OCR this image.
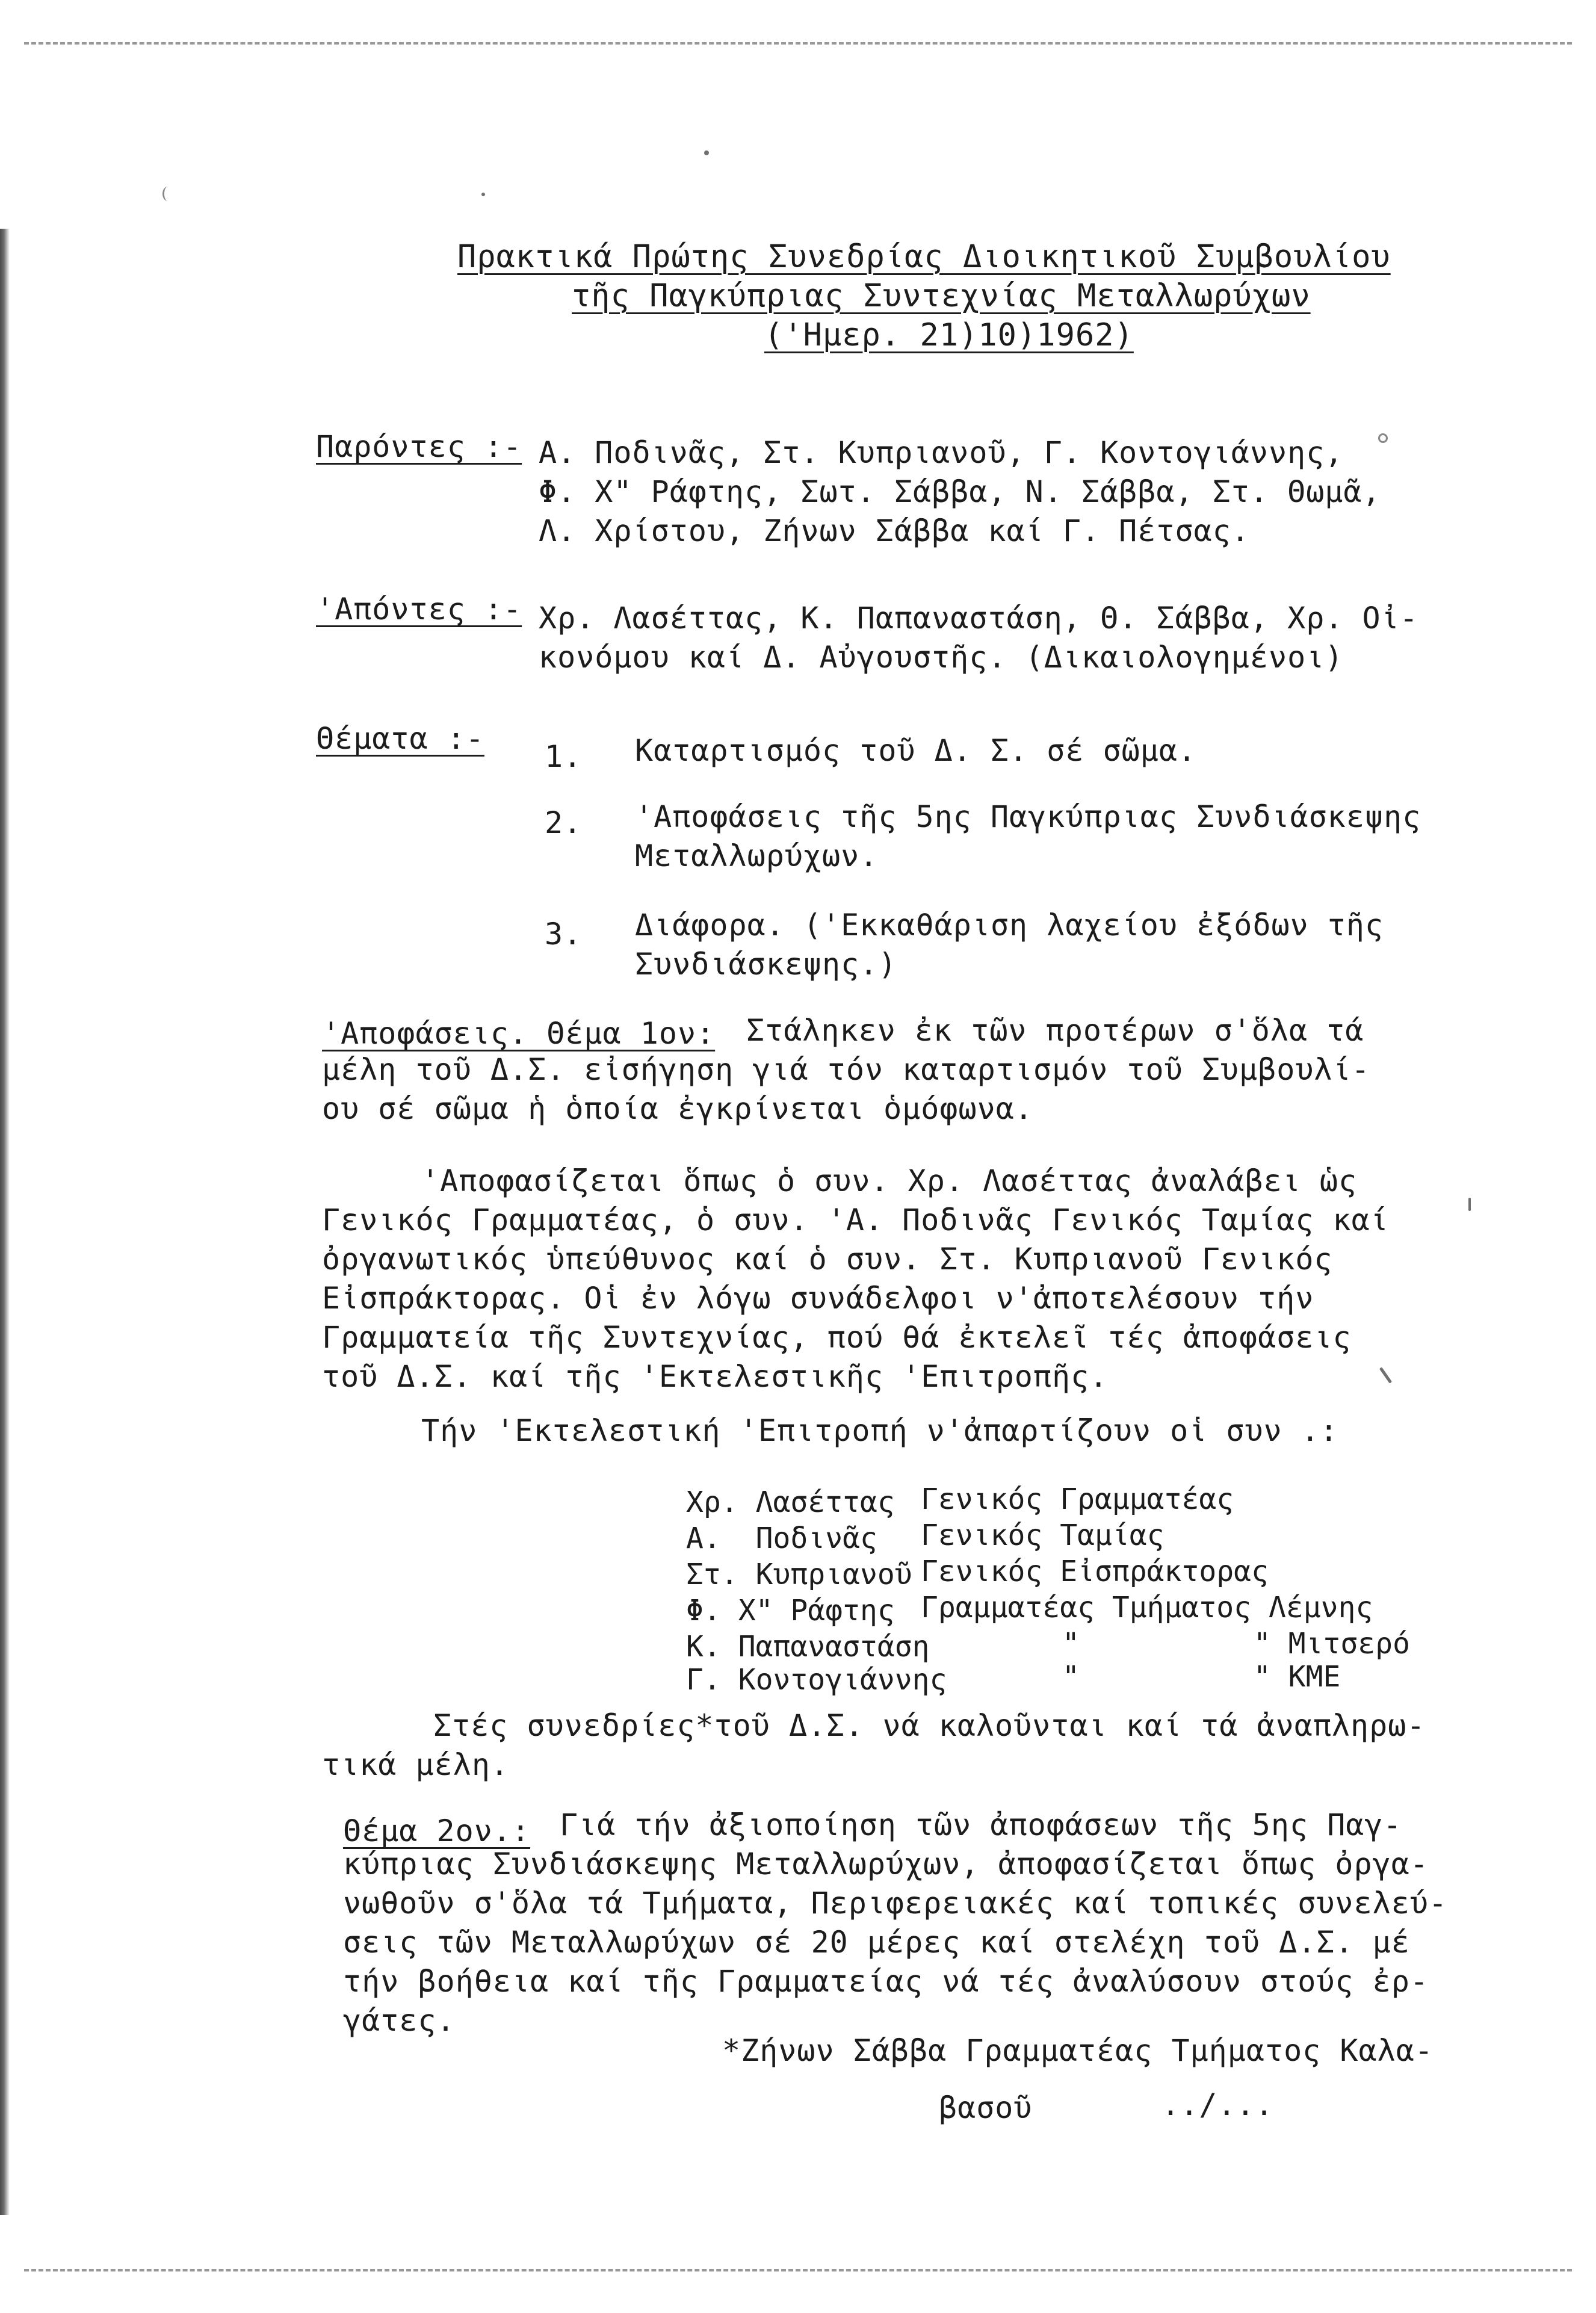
Πρακτικά Πρώτης Συνεδρίας Διοικητικοῦ Συμβουλίου
τῆς Παγκύπριας Συντεχνίας Μεταλλωρύχων
('Ημερ. 21)10)1962)
Παρόντες :- Α. Ποδινᾶς, Στ. Κυπριανοῦ, Γ. Κοντογιάννης,
Φ. Χ" Ράφτης, Σωτ. Σάββα, Ν. Σάββα, Στ. Θωμᾶ,
Λ. Χρίστου, Ζήνων Σάββα καί Γ. Πέτσας.
'Απόντες :- Χρ. Λασέττας, Κ. Παπαναστάση, Θ. Σάββα, Χρ. Οἰ-
κονόμου καί Δ. Αὐγουστῆς. (Δικαιολογημένοι)
Θέματα :-
1. Καταρτισμός τοῦ Δ. Σ. σέ σῶμα.
2. 'Αποφάσεις τῆς 5ης Παγκύπριας Συνδιάσκεψης
Μεταλλωρύχων.
3. Διάφορα. ('Εκκαθάριση λαχείου ἐξόδων τῆς
Συνδιάσκεψης.)
'Αποφάσεις. Θέμα 1ον: Στάληκεν ἐκ τῶν προτέρων σ'ὅλα τά
μέλη τοῦ Δ.Σ. εἰσήγηση γιά τόν καταρτισμόν τοῦ Συμβουλί-
ου σέ σῶμα ἡ ὁποία ἐγκρίνεται ὁμόφωνα.
'Αποφασίζεται ὅπως ὁ συν. Χρ. Λασέττας ἀναλάβει ὡς
Γενικός Γραμματέας, ὁ συν. 'Α. Ποδινᾶς Γενικός Ταμίας καί
ὀργανωτικός ὑπεύθυνος καί ὁ συν. Στ. Κυπριανοῦ Γενικός
Εἰσπράκτορας. Οἱ ἐν λόγω συνάδελφοι ν'ἀποτελέσουν τήν
Γραμματεία τῆς Συντεχνίας, πού θά ἐκτελεῖ τές ἀποφάσεις
τοῦ Δ.Σ. καί τῆς 'Εκτελεστικῆς 'Επιτροπῆς.
Τήν 'Εκτελεστική 'Επιτροπή ν'ἀπαρτίζουν οἱ συν .:
Χρ. Λασέττας Γενικός Γραμματέας
Α.  Ποδινᾶς Γενικός Ταμίας
Στ. Κυπριανοῦ Γενικός Εἰσπράκτορας
Φ. Χ" Ράφτης Γραμματέας Τμήματος Λέμνης
Κ. Παπαναστάση	"          " Μιτσερό
Γ. Κοντογιάννης	"          " ΚΜΕ
Στές συνεδρίες*τοῦ Δ.Σ. νά καλοῦνται καί τά ἀναπληρω-
τικά μέλη.
Θέμα 2ον.: Γιά τήν ἀξιοποίηση τῶν ἀποφάσεων τῆς 5ης Παγ-
κύπριας Συνδιάσκεψης Μεταλλωρύχων, ἀποφασίζεται ὅπως ὀργα-
νωθοῦν σ'ὅλα τά Τμήματα, Περιφερειακές καί τοπικές συνελεύ-
σεις τῶν Μεταλλωρύχων σέ 20 μέρες καί στελέχη τοῦ Δ.Σ. μέ
τήν βοήθεια καί τῆς Γραμματείας νά τές ἀναλύσουν στούς ἐρ-
γάτες.
*Ζήνων Σάββα Γραμματέας Τμήματος Καλα-
βασοῦ	../...
